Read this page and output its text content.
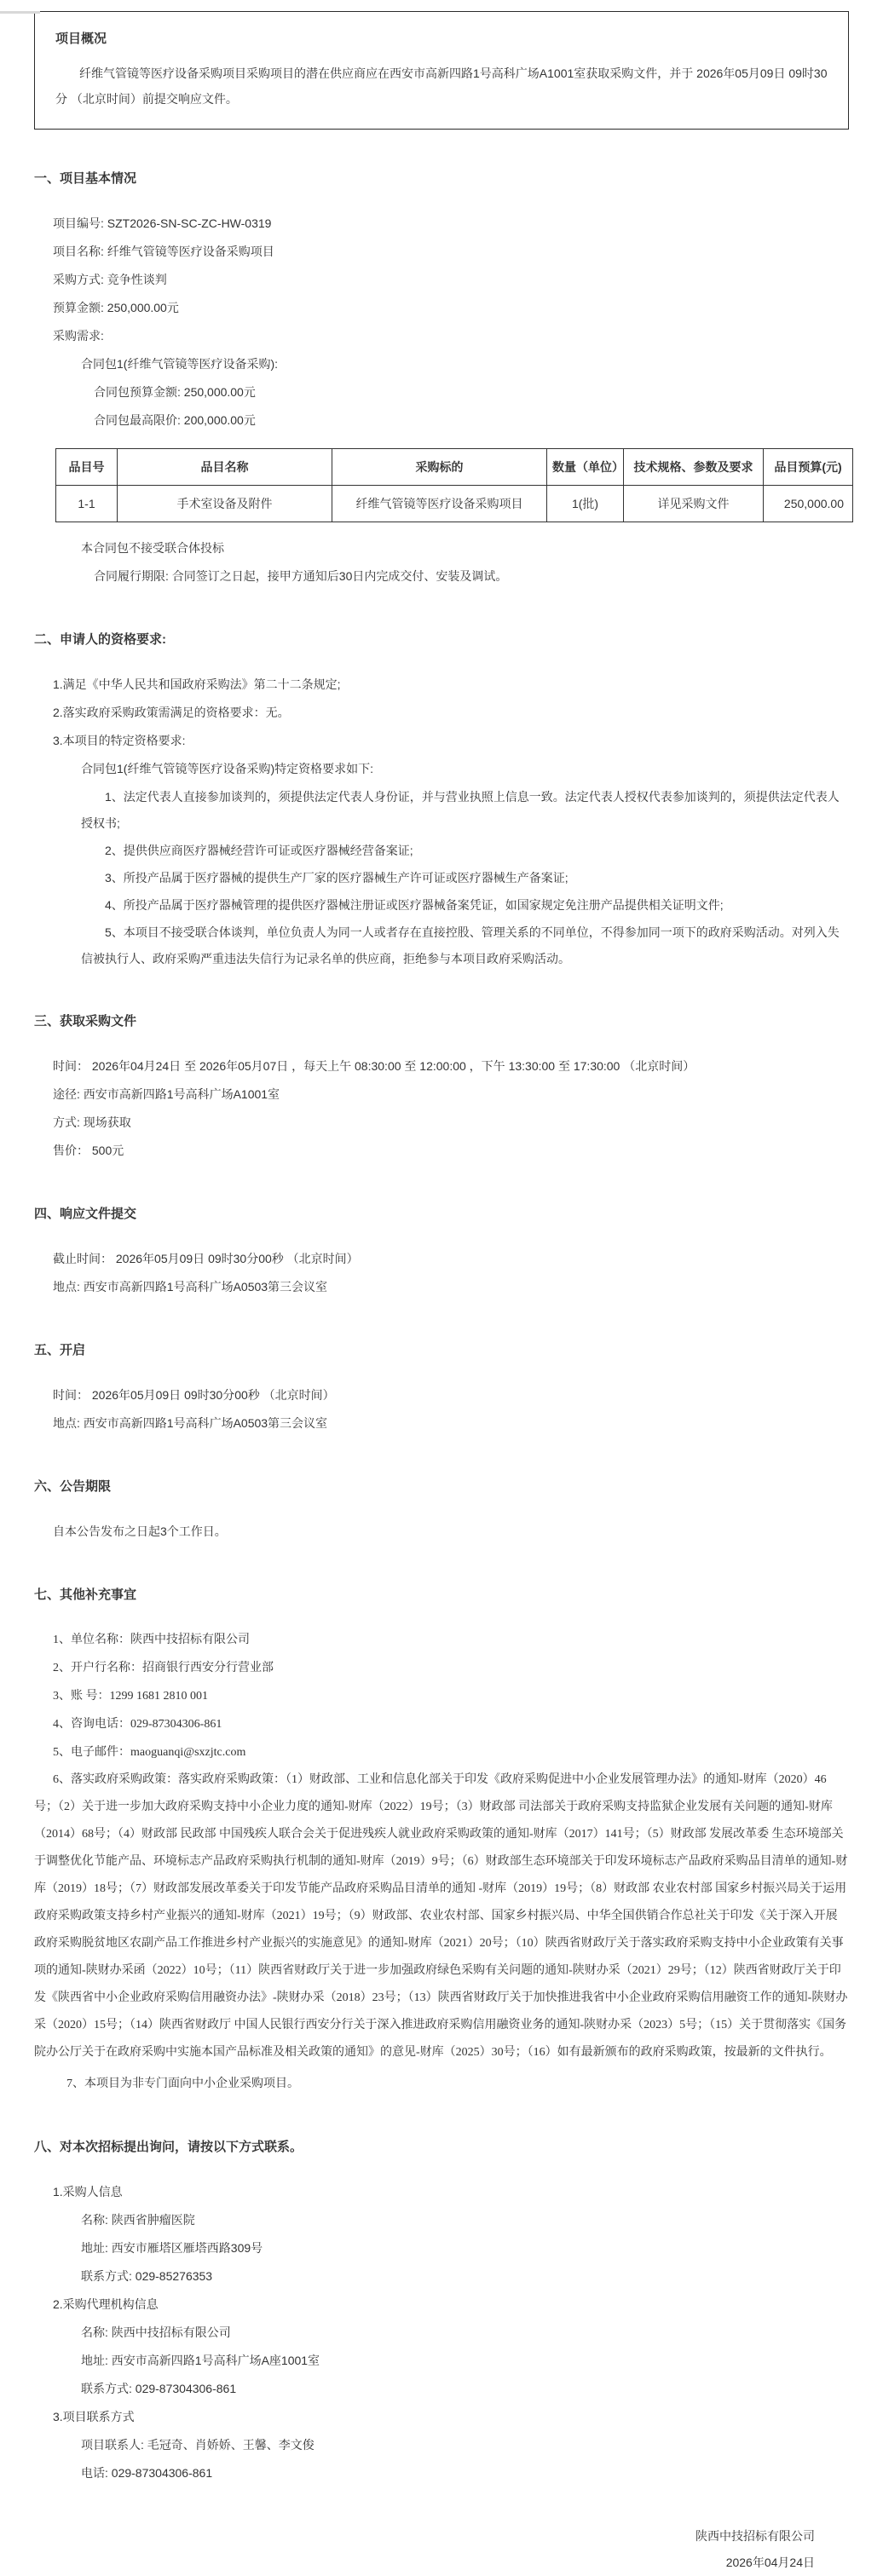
项目概况

纤维气管镜等医疗设备采购项目采购项目的潜在供应商应在西安市高新四路1号高科广场A1001室获取采购文件，并于 2026年05月09日 09时30分 （北京时间）前提交响应文件。

一、项目基本情况

项目编号: SZT2026-SN-SC-ZC-HW-0319

项目名称: 纤维气管镜等医疗设备采购项目

采购方式: 竞争性谈判

预算金额: 250,000.00元

采购需求:

合同包1(纤维气管镜等医疗设备采购):

合同包预算金额: 250,000.00元

合同包最高限价: 200,000.00元

品目号	品目名称	采购标的	数量（单位）	技术规格、参数及要求	品目预算(元)
1-1	手术室设备及附件	纤维气管镜等医疗设备采购项目	1(批)	详见采购文件	250,000.00

本合同包不接受联合体投标

合同履行期限: 合同签订之日起，接甲方通知后30日内完成交付、安装及调试。

二、申请人的资格要求:

1.满足《中华人民共和国政府采购法》第二十二条规定;

2.落实政府采购政策需满足的资格要求：无。

3.本项目的特定资格要求:

合同包1(纤维气管镜等医疗设备采购)特定资格要求如下:

1、法定代表人直接参加谈判的，须提供法定代表人身份证，并与营业执照上信息一致。法定代表人授权代表参加谈判的，须提供法定代表人授权书;

2、提供供应商医疗器械经营许可证或医疗器械经营备案证;

3、所投产品属于医疗器械的提供生产厂家的医疗器械生产许可证或医疗器械生产备案证;

4、所投产品属于医疗器械管理的提供医疗器械注册证或医疗器械备案凭证，如国家规定免注册产品提供相关证明文件;

5、本项目不接受联合体谈判，单位负责人为同一人或者存在直接控股、管理关系的不同单位，不得参加同一项下的政府采购活动。对列入失信被执行人、政府采购严重违法失信行为记录名单的供应商，拒绝参与本项目政府采购活动。

三、获取采购文件

时间： 2026年04月24日 至 2026年05月07日 ，每天上午 08:30:00 至 12:00:00 ，下午 13:30:00 至 17:30:00 （北京时间）

途径: 西安市高新四路1号高科广场A1001室

方式: 现场获取

售价： 500元

四、响应文件提交

截止时间： 2026年05月09日 09时30分00秒 （北京时间）

地点: 西安市高新四路1号高科广场A0503第三会议室

五、开启

时间： 2026年05月09日 09时30分00秒 （北京时间）

地点: 西安市高新四路1号高科广场A0503第三会议室

六、公告期限

自本公告发布之日起3个工作日。

七、其他补充事宜

1、单位名称：陕西中技招标有限公司

2、开户行名称：招商银行西安分行营业部

3、账 号：1299 1681 2810 001

4、咨询电话：029-87304306-861

5、电子邮件：maoguanqi@sxzjtc.com

6、落实政府采购政策：落实政府采购政策：（1）财政部、工业和信息化部关于印发《政府采购促进中小企业发展管理办法》的通知-财库（2020）46号；（2）关于进一步加大政府采购支持中小企业力度的通知-财库（2022）19号；（3）财政部 司法部关于政府采购支持监狱企业发展有关问题的通知-财库（2014）68号；（4）财政部 民政部 中国残疾人联合会关于促进残疾人就业政府采购政策的通知-财库（2017）141号；（5）财政部 发展改革委 生态环境部关于调整优化节能产品、环境标志产品政府采购执行机制的通知-财库（2019）9号；（6）财政部生态环境部关于印发环境标志产品政府采购品目清单的通知-财库（2019）18号；（7）财政部发展改革委关于印发节能产品政府采购品目清单的通知 -财库（2019）19号；（8）财政部 农业农村部 国家乡村振兴局关于运用政府采购政策支持乡村产业振兴的通知-财库（2021）19号；（9）财政部、农业农村部、国家乡村振兴局、中华全国供销合作总社关于印发《关于深入开展政府采购脱贫地区农副产品工作推进乡村产业振兴的实施意见》的通知-财库（2021）20号；（10）陕西省财政厅关于落实政府采购支持中小企业政策有关事项的通知-陕财办采函（2022）10号；（11）陕西省财政厅关于进一步加强政府绿色采购有关问题的通知-陕财办采（2021）29号；（12）陕西省财政厅关于印发《陕西省中小企业政府采购信用融资办法》-陕财办采（2018）23号；（13）陕西省财政厅关于加快推进我省中小企业政府采购信用融资工作的通知-陕财办采（2020）15号；（14）陕西省财政厅 中国人民银行西安分行关于深入推进政府采购信用融资业务的通知-陕财办采（2023）5号；（15）关于贯彻落实《国务院办公厅关于在政府采购中实施本国产品标准及相关政策的通知》的意见-财库（2025）30号；（16）如有最新颁布的政府采购政策，按最新的文件执行。

7、本项目为非专门面向中小企业采购项目。

八、对本次招标提出询问，请按以下方式联系。

1.采购人信息

名称: 陕西省肿瘤医院

地址: 西安市雁塔区雁塔西路309号

联系方式: 029-85276353

2.采购代理机构信息

名称: 陕西中技招标有限公司

地址: 西安市高新四路1号高科广场A座1001室

联系方式: 029-87304306-861

3.项目联系方式

项目联系人: 毛冠奇、肖娇娇、王馨、李文俊

电话: 029-87304306-861

陕西中技招标有限公司

2026年04月24日
